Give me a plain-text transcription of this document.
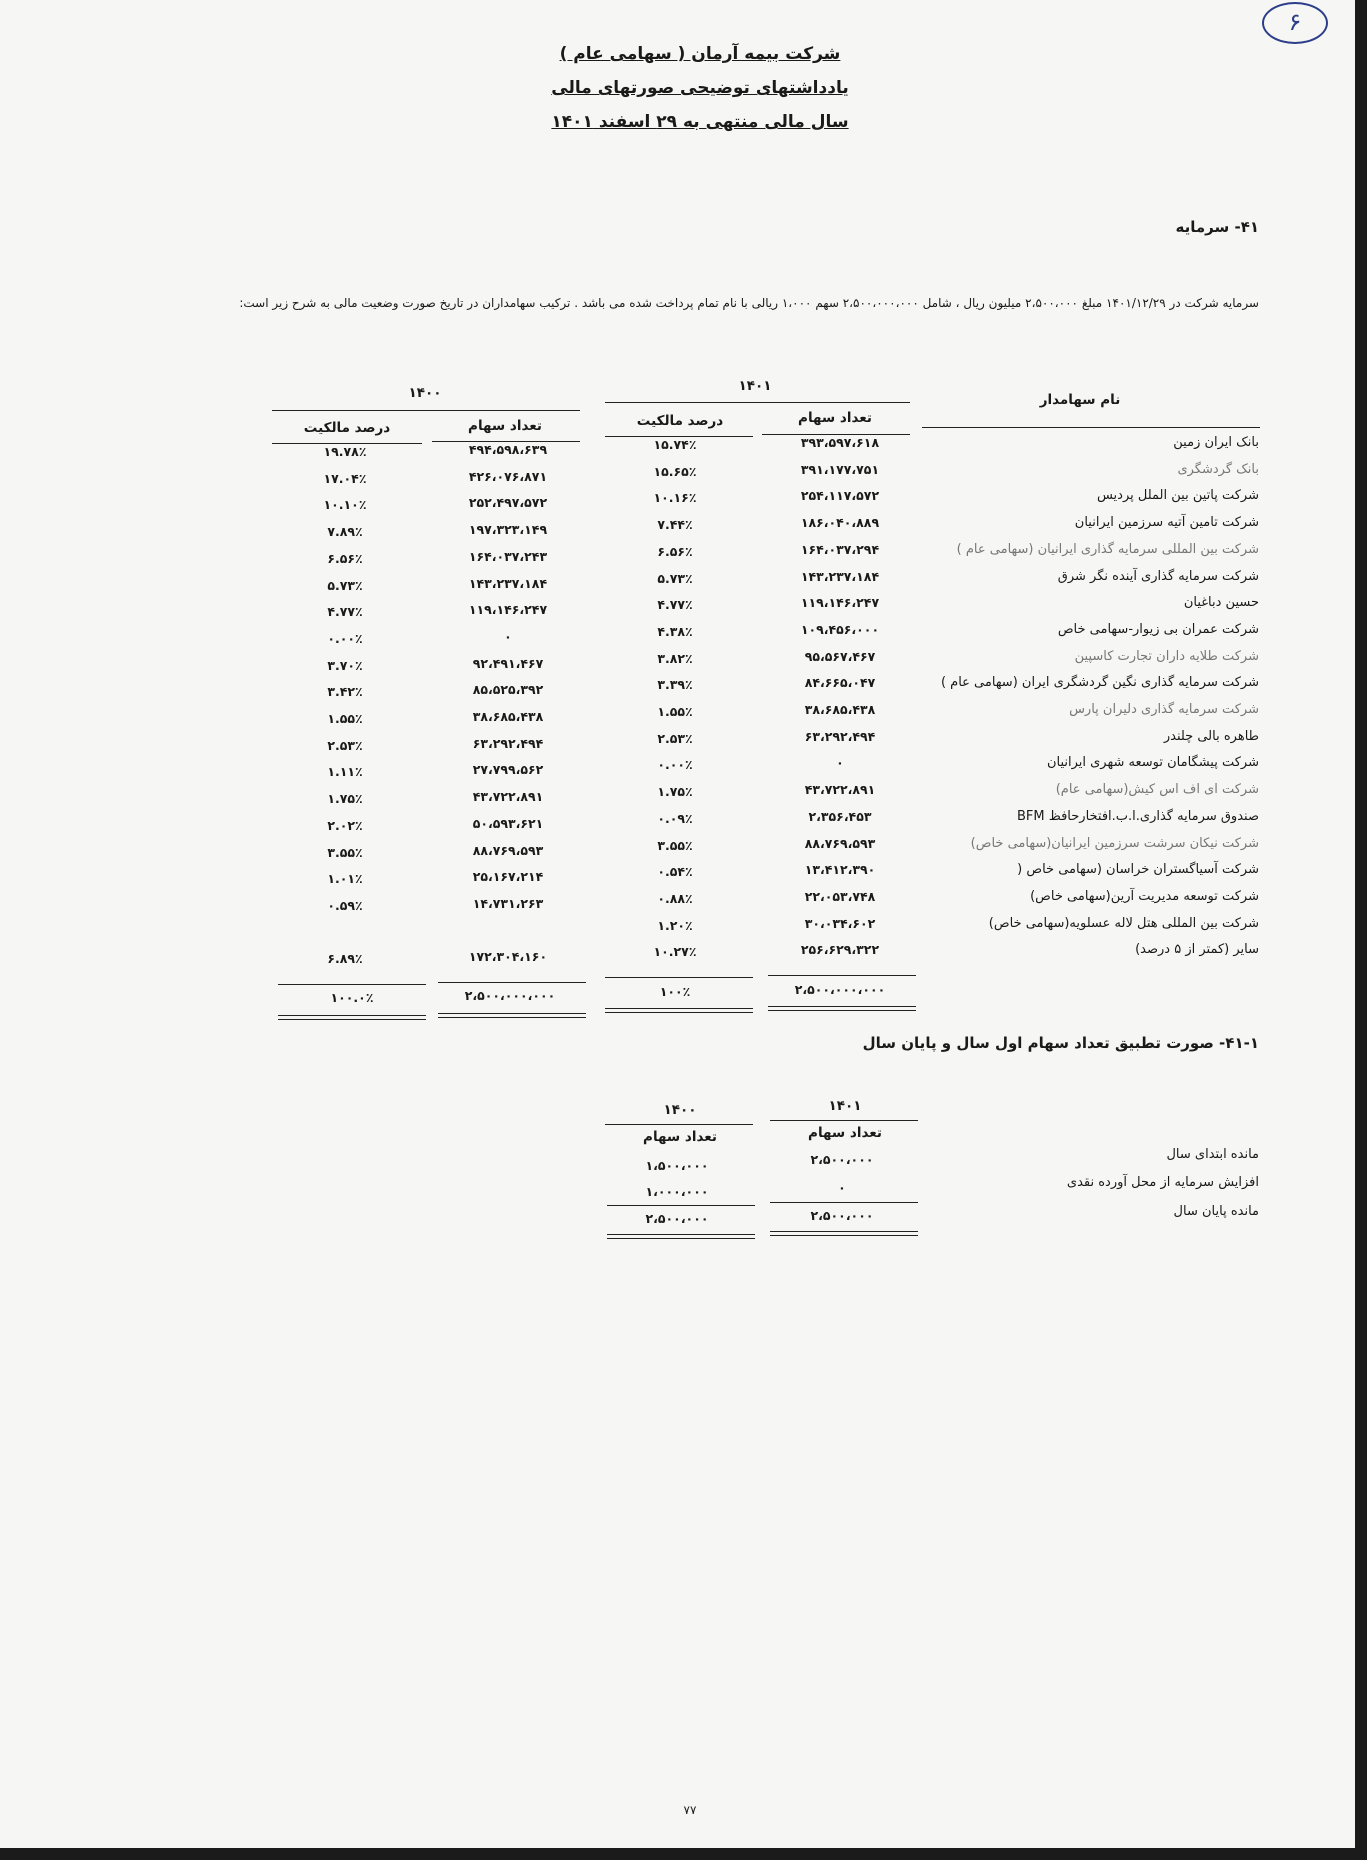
۶
شرکت بیمه آرمان ( سهامی عام )
یادداشتهای توضیحی صورتهای مالی
سال مالی منتهی به ۲۹ اسفند ۱۴۰۱
۴۱- سرمایه
سرمایه شرکت در ۱۴۰۱/۱۲/۲۹ مبلغ ۲،۵۰۰،۰۰۰ میلیون ریال ، شامل ۲،۵۰۰،۰۰۰،۰۰۰ سهم ۱،۰۰۰ ریالی با نام تمام پرداخت شده می باشد . ترکیب سهامداران در تاریخ صورت وضعیت مالی به شرح زیر است:
نام سهامدار
۱۴۰۱
۱۴۰۰
تعداد سهام
درصد مالکیت
تعداد سهام
درصد مالکیت
بانک ایران زمین
۳۹۳،۵۹۷،۶۱۸
۱۵.۷۴٪
۴۹۴،۵۹۸،۶۳۹
۱۹.۷۸٪
بانک گردشگری
۳۹۱،۱۷۷،۷۵۱
۱۵.۶۵٪
۴۲۶،۰۷۶،۸۷۱
۱۷.۰۴٪
شرکت پاتین بین الملل پردیس
۲۵۴،۱۱۷،۵۷۲
۱۰.۱۶٪
۲۵۲،۴۹۷،۵۷۲
۱۰.۱۰٪
شرکت تامین آتیه سرزمین ایرانیان
۱۸۶،۰۴۰،۸۸۹
۷.۴۴٪
۱۹۷،۳۲۳،۱۴۹
۷.۸۹٪
شرکت بین المللی سرمایه گذاری ایرانیان (سهامی عام )
۱۶۴،۰۳۷،۲۹۴
۶.۵۶٪
۱۶۴،۰۳۷،۲۴۳
۶.۵۶٪
شرکت سرمایه گذاری آینده نگر شرق
۱۴۳،۲۳۷،۱۸۴
۵.۷۳٪
۱۴۳،۲۳۷،۱۸۴
۵.۷۳٪
حسین دباغیان
۱۱۹،۱۴۶،۲۴۷
۴.۷۷٪
۱۱۹،۱۴۶،۲۴۷
۴.۷۷٪
شرکت عمران بی زیوار-سهامی خاص
۱۰۹،۴۵۶،۰۰۰
۴.۳۸٪
۰
۰.۰۰٪
شرکت طلایه داران تجارت کاسپین
۹۵،۵۶۷،۴۶۷
۳.۸۲٪
۹۲،۴۹۱،۴۶۷
۳.۷۰٪
شرکت سرمایه گذاری نگین گردشگری ایران (سهامی عام )
۸۴،۶۶۵،۰۴۷
۳.۳۹٪
۸۵،۵۲۵،۳۹۲
۳.۴۲٪
شرکت سرمایه گذاری دلیران پارس
۳۸،۶۸۵،۴۳۸
۱.۵۵٪
۳۸،۶۸۵،۴۳۸
۱.۵۵٪
طاهره بالی چلندر
۶۳،۲۹۲،۴۹۴
۲.۵۳٪
۶۳،۲۹۲،۴۹۴
۲.۵۳٪
شرکت پیشگامان توسعه شهری ایرانیان
۰
۰.۰۰٪
۲۷،۷۹۹،۵۶۲
۱.۱۱٪
شرکت ای اف اس کیش(سهامی عام)
۴۳،۷۲۲،۸۹۱
۱.۷۵٪
۴۳،۷۲۲،۸۹۱
۱.۷۵٪
صندوق سرمایه گذاری.ا.ب.افتخارحافظ BFM
۲،۳۵۶،۴۵۳
۰.۰۹٪
۵۰،۵۹۳،۶۲۱
۲.۰۲٪
شرکت نیکان سرشت سرزمین ایرانیان(سهامی خاص)
۸۸،۷۶۹،۵۹۳
۳.۵۵٪
۸۸،۷۶۹،۵۹۳
۳.۵۵٪
شرکت آسیاگستران خراسان (سهامی خاص (
۱۳،۴۱۲،۳۹۰
۰.۵۴٪
۲۵،۱۶۷،۲۱۴
۱.۰۱٪
شرکت توسعه مدیریت آرین(سهامی خاص)
۲۲،۰۵۳،۷۴۸
۰.۸۸٪
۱۴،۷۳۱،۲۶۳
۰.۵۹٪
شرکت بین المللی هتل لاله عسلویه(سهامی خاص)
۳۰،۰۳۴،۶۰۲
۱.۲۰٪
سایر (کمتر از ۵ درصد)
۲۵۶،۶۲۹،۳۲۲
۱۰.۲۷٪
۱۷۲،۳۰۴،۱۶۰
۶.۸۹٪
۲،۵۰۰،۰۰۰،۰۰۰
۱۰۰٪
۲،۵۰۰،۰۰۰،۰۰۰
۱۰۰.۰٪
۴۱-۱- صورت تطبیق تعداد سهام اول سال و پایان سال
۱۴۰۱
۱۴۰۰
تعداد سهام
تعداد سهام
مانده ابتدای سال
افزایش سرمایه از محل آورده نقدی
مانده پایان سال
۲،۵۰۰،۰۰۰
۱،۵۰۰،۰۰۰
۰
۱،۰۰۰،۰۰۰
۲،۵۰۰،۰۰۰
۲،۵۰۰،۰۰۰
۷۷
